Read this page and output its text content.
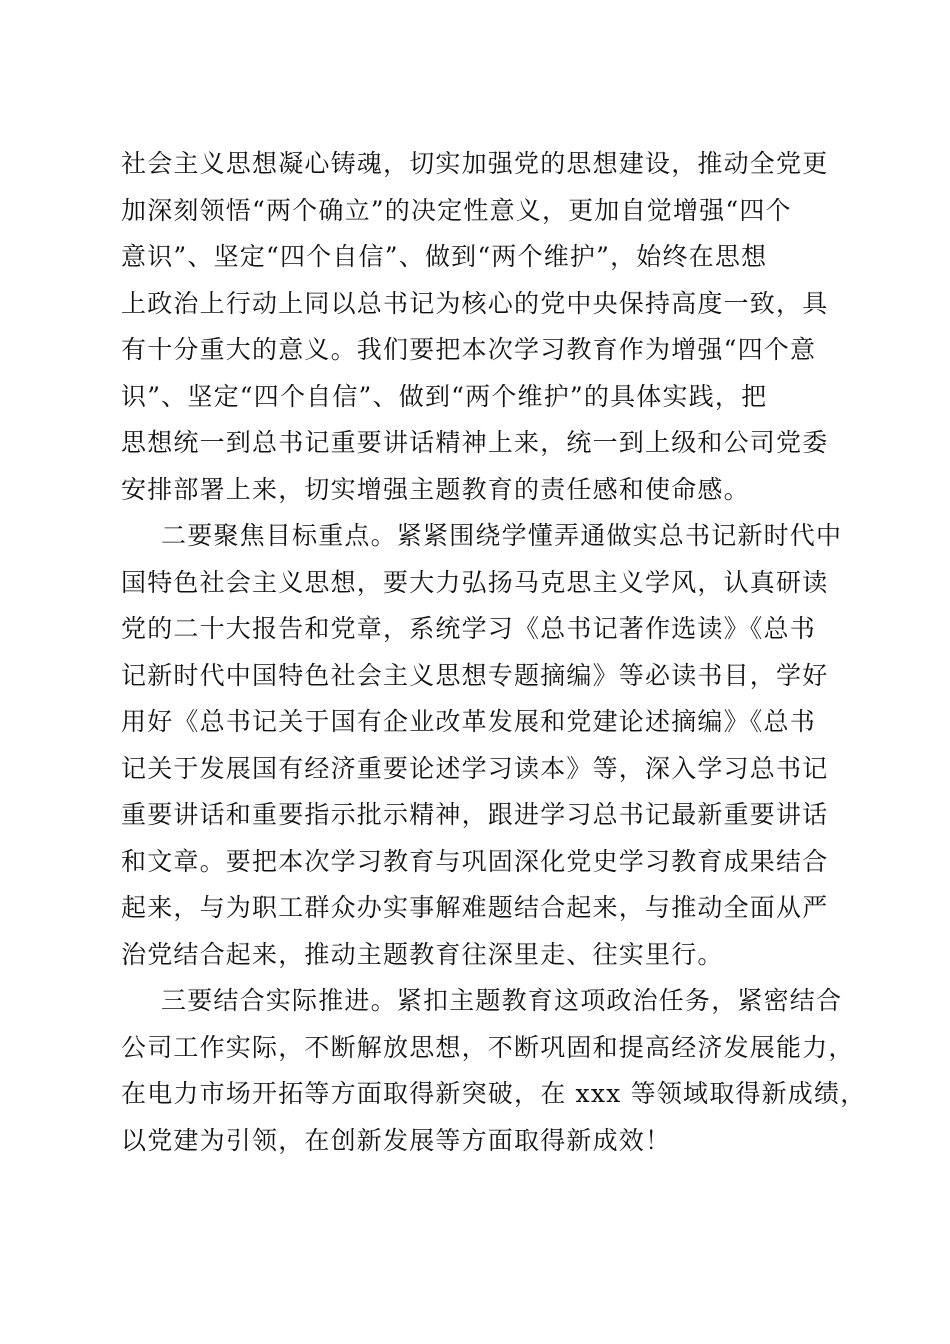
社会主义思想凝心铸魂，切实加强党的思想建设，推动全党更
加深刻领悟“两个确立”的决定性意义，更加自觉增强“四个
意识”、坚定“四个自信”、做到“两个维护”，始终在思想
上政治上行动上同以总书记为核心的党中央保持高度一致，具
有十分重大的意义。我们要把本次学习教育作为增强“四个意
识”、坚定“四个自信”、做到“两个维护”的具体实践，把
思想统一到总书记重要讲话精神上来，统一到上级和公司党委
安排部署上来，切实增强主题教育的责任感和使命感。
二要聚焦目标重点。紧紧围绕学懂弄通做实总书记新时代中
国特色社会主义思想，要大力弘扬马克思主义学风，认真研读
党的二十大报告和党章，系统学习《总书记著作选读》《总书
记新时代中国特色社会主义思想专题摘编》等必读书目，学好
用好《总书记关于国有企业改革发展和党建论述摘编》《总书
记关于发展国有经济重要论述学习读本》等，深入学习总书记
重要讲话和重要指示批示精神，跟进学习总书记最新重要讲话
和文章。要把本次学习教育与巩固深化党史学习教育成果结合
起来，与为职工群众办实事解难题结合起来，与推动全面从严
治党结合起来，推动主题教育往深里走、往实里行。
三要结合实际推进。紧扣主题教育这项政治任务，紧密结合
公司工作实际，不断解放思想，不断巩固和提高经济发展能力，
在电力市场开拓等方面取得新突破，在 xxx 等领域取得新成绩，
以党建为引领，在创新发展等方面取得新成效！
